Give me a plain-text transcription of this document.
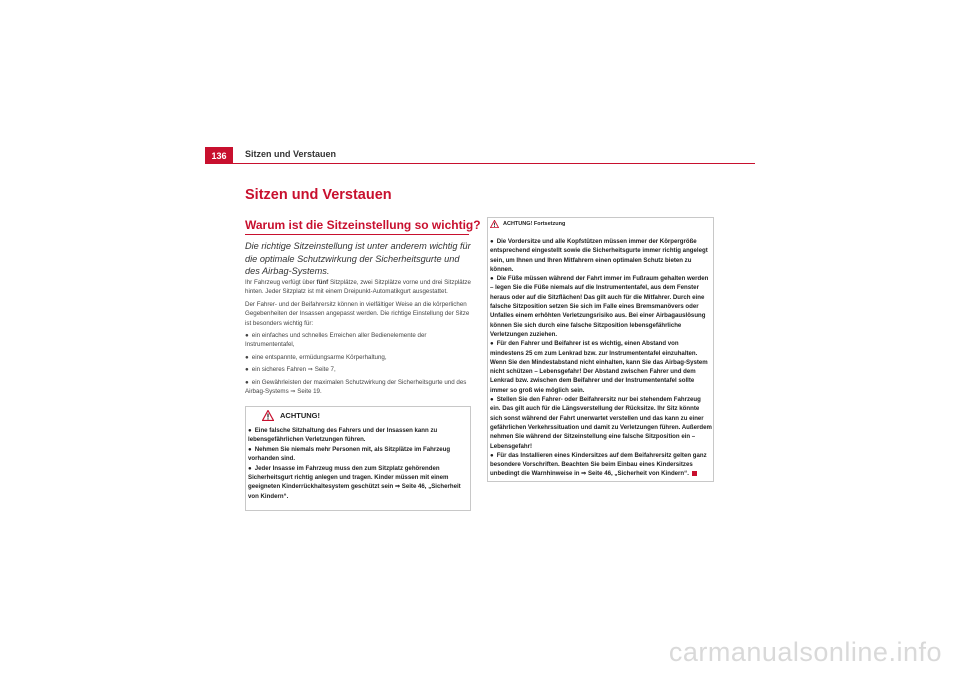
136	Sitzen und Verstauen
Sitzen und Verstauen
Warum ist die Sitzeinstellung so wichtig?
Die richtige Sitzeinstellung ist unter anderem wichtig für die optimale Schutzwirkung der Sicherheitsgurte und des Airbag-Systems.

Ihr Fahrzeug verfügt über fünf Sitzplätze, zwei Sitzplätze vorne und drei Sitzplätze hinten. Jeder Sitzplatz ist mit einem Dreipunkt-Automatikgurt ausgestattet.

Der Fahrer- und der Beifahrersitz können in vielfältiger Weise an die körperlichen Gegebenheiten der Insassen angepasst werden. Die richtige Einstellung der Sitze ist besonders wichtig für:

● ein einfaches und schnelles Erreichen aller Bedienelemente der Instrumententafel,

● eine entspannte, ermüdungsarme Körperhaltung,

● ein sicheres Fahren ⇒ Seite 7,

● ein Gewährleisten der maximalen Schutzwirkung der Sicherheitsgurte und des Airbag-Systems ⇒ Seite 19.

ACHTUNG!

● Eine falsche Sitzhaltung des Fahrers und der Insassen kann zu lebensgefährlichen Verletzungen führen.

● Nehmen Sie niemals mehr Personen mit, als Sitzplätze im Fahrzeug vorhanden sind.

● Jeder Insasse im Fahrzeug muss den zum Sitzplatz gehörenden Sicherheitsgurt richtig anlegen und tragen. Kinder müssen mit einem geeigneten Kinderrückhaltesystem geschützt sein ⇒ Seite 46, „Sicherheit von Kindern“.

ACHTUNG! Fortsetzung

● Die Vordersitze und alle Kopfstützen müssen immer der Körpergröße entsprechend eingestellt sowie die Sicherheitsgurte immer richtig angelegt sein, um Ihnen und Ihren Mitfahrern einen optimalen Schutz bieten zu können.

● Die Füße müssen während der Fahrt immer im Fußraum gehalten werden – legen Sie die Füße niemals auf die Instrumententafel, aus dem Fenster heraus oder auf die Sitzflächen! Das gilt auch für die Mitfahrer. Durch eine falsche Sitzposition setzen Sie sich im Falle eines Bremsmanövers oder Unfalles einem erhöhten Verletzungsrisiko aus. Bei einer Airbagauslösung können Sie sich durch eine falsche Sitzposition lebensgefährliche Verletzungen zuziehen.

● Für den Fahrer und Beifahrer ist es wichtig, einen Abstand von mindestens 25 cm zum Lenkrad bzw. zur Instrumententafel einzuhalten. Wenn Sie den Mindestabstand nicht einhalten, kann Sie das Airbag-System nicht schützen – Lebensgefahr! Der Abstand zwischen Fahrer und dem Lenkrad bzw. zwischen dem Beifahrer und der Instrumententafel sollte immer so groß wie möglich sein.

● Stellen Sie den Fahrer- oder Beifahrersitz nur bei stehendem Fahrzeug ein. Das gilt auch für die Längsverstellung der Rücksitze. Ihr Sitz könnte sich sonst während der Fahrt unerwartet verstellen und das kann zu einer gefährlichen Verkehrssituation und damit zu Verletzungen führen. Außerdem nehmen Sie während der Sitzeinstellung eine falsche Sitzposition ein – Lebensgefahr!

● Für das Installieren eines Kindersitzes auf dem Beifahrersitz gelten ganz besondere Vorschriften. Beachten Sie beim Einbau eines Kindersitzes unbedingt die Warnhinweise in ⇒ Seite 46, „Sicherheit von Kindern“.

carmanualsonline.info
